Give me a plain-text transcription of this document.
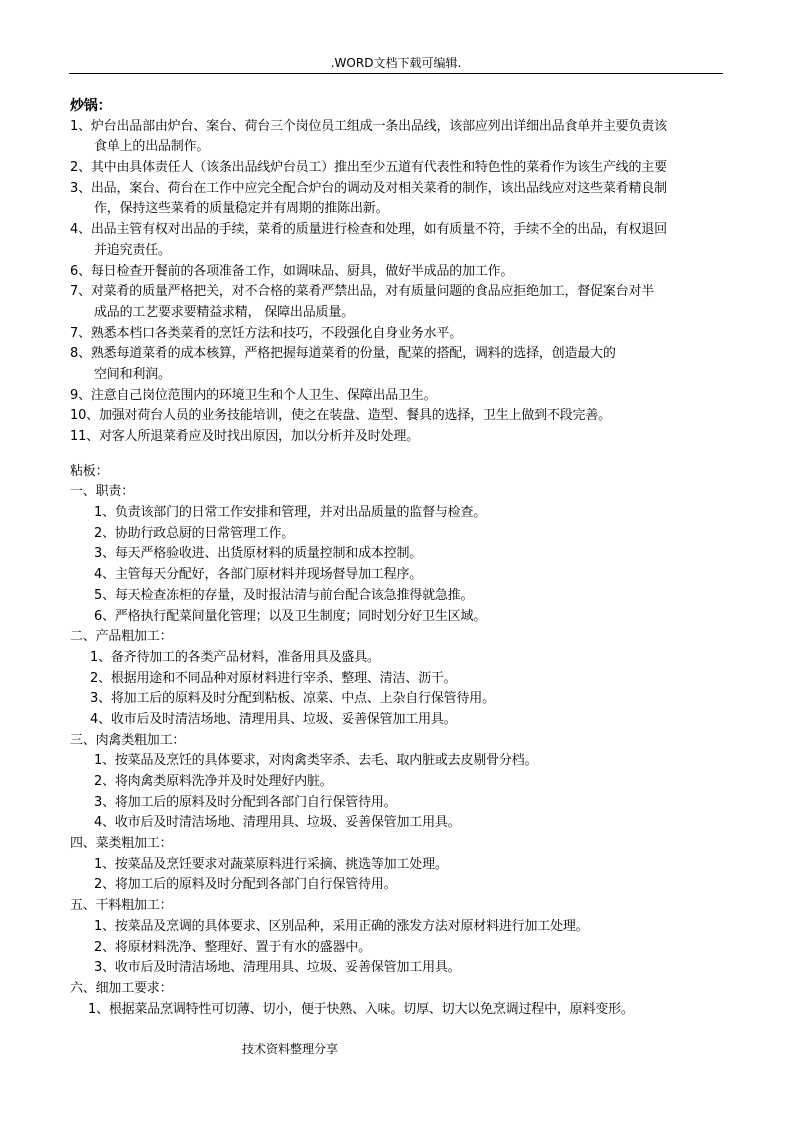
.WORD文档下载可编辑.
炒锅：
1、炉台出品部由炉台、案台、荷台三个岗位员工组成一条出品线，该部应列出详细出品食单并主要负责该
食单上的出品制作。
2、其中由具体责任人（该条出品线炉台员工）推出至少五道有代表性和特色性的菜肴作为该生产线的主要
3、出品，案台、荷台在工作中应完全配合炉台的调动及对相关菜肴的制作，该出品线应对这些菜肴精良制
作，保持这些菜肴的质量稳定并有周期的推陈出新。
4、出品主管有权对出品的手续，菜肴的质量进行检查和处理，如有质量不符，手续不全的出品，有权退回
并追究责任。
6、每日检查开餐前的各项准备工作，如调味品、厨具，做好半成品的加工作。
7、对菜肴的质量严格把关，对不合格的菜肴严禁出品，对有质量问题的食品应拒绝加工，督促案台对半
成品的工艺要求要精益求精， 保障出品质量。
7、熟悉本档口各类菜肴的烹饪方法和技巧，不段强化自身业务水平。
8、熟悉每道菜肴的成本核算，严格把握每道菜肴的份量，配菜的搭配，调料的选择，创造最大的
空间和利润。
9、注意自己岗位范围内的环境卫生和个人卫生、保障出品卫生。
10、加强对荷台人员的业务技能培训，使之在装盘、造型、餐具的选择，卫生上做到不段完善。
11、对客人所退菜肴应及时找出原因，加以分析并及时处理。
粘板：
一、职责：
1、负责该部门的日常工作安排和管理，并对出品质量的监督与检查。
2、协助行政总厨的日常管理工作。
3、每天严格验收进、出货原材料的质量控制和成本控制。
4、主管每天分配好，各部门原材料并现场督导加工程序。
5、每天检查冻柜的存量，及时报沽清与前台配合该急推得就急推。
6、严格执行配菜间量化管理；以及卫生制度；同时划分好卫生区域。
二、产品粗加工：
1、备齐待加工的各类产品材料，准备用具及盛具。
2、根据用途和不同品种对原材料进行宰杀、整理、清洁、沥干。
3、将加工后的原料及时分配到粘板、凉菜、中点、上杂自行保管待用。
4、收市后及时清洁场地、清理用具、垃圾、妥善保管加工用具。
三、肉禽类粗加工：
1、按菜品及烹饪的具体要求，对肉禽类宰杀、去毛、取内脏或去皮剔骨分档。
2、将肉禽类原料洗净并及时处理好内脏。
3、将加工后的原料及时分配到各部门自行保管待用。
4、收市后及时清洁场地、清理用具、垃圾、妥善保管加工用具。
四、菜类粗加工：
1、按菜品及烹饪要求对蔬菜原料进行采摘、挑选等加工处理。
2、将加工后的原料及时分配到各部门自行保管待用。
五、干料粗加工：
1、按菜品及烹调的具体要求、区别品种，采用正确的涨发方法对原材料进行加工处理。
2、将原材料洗净、整理好、置于有水的盛器中。
3、收市后及时清洁场地、清理用具、垃圾、妥善保管加工用具。
六、细加工要求：
1、根据菜品烹调特性可切薄、切小，便于快熟、入味。切厚、切大以免烹调过程中，原料变形。
技术资料整理分享
